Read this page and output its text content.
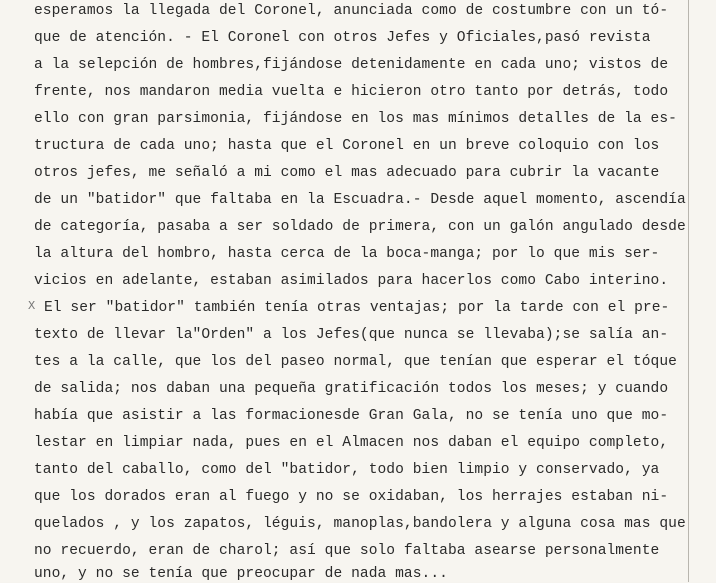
esperamos la llegada del Coronel, anunciada como de costumbre con un tó-
que de atención. - El Coronel con otros Jefes y Oficiales,pasó revista
a la selepción de hombres,fijándose detenidamente en cada uno; vistos de
frente, nos mandaron media vuelta e hicieron otro tanto por detrás, todo
ello con gran parsimonia, fijándose en los mas mínimos detalles de la es-
tructura de cada uno; hasta que el Coronel en un breve coloquio con los
otros jefes, me señaló a mi como el mas adecuado para cubrir la vacante
de un "batidor" que faltaba en la Escuadra.- Desde aquel momento, ascendía
de categoría, pasaba a ser soldado de primera, con un galón angulado desde
la altura del hombro, hasta cerca de la boca-manga; por lo que mis ser-
vicios en adelante, estaban asimilados para hacerlos como Cabo interino.
X El ser "batidor" también tenía otras ventajas; por la tarde con el pre-
texto de llevar la"Orden" a los Jefes(que nunca se llevaba);se salía an-
tes a la calle, que los del paseo normal, que tenían que esperar el tóque
de salida; nos daban una pequeña gratificación todos los meses; y cuando
había que asistir a las formacionesde Gran Gala, no se tenía uno que mo-
lestar en limpiar nada, pues en el Almacen nos daban el equipo completo,
tanto del caballo, como del "batidor, todo bien limpio y conservado, ya
que los dorados eran al fuego y no se oxidaban, los herrajes estaban ni-
quelados , y los zapatos, léguis, manoplas,bandolera y alguna cosa mas que
no recuerdo, eran de charol; así que solo faltaba asearse personalmente
uno, y no se tenía que preocupar de nada mas...
